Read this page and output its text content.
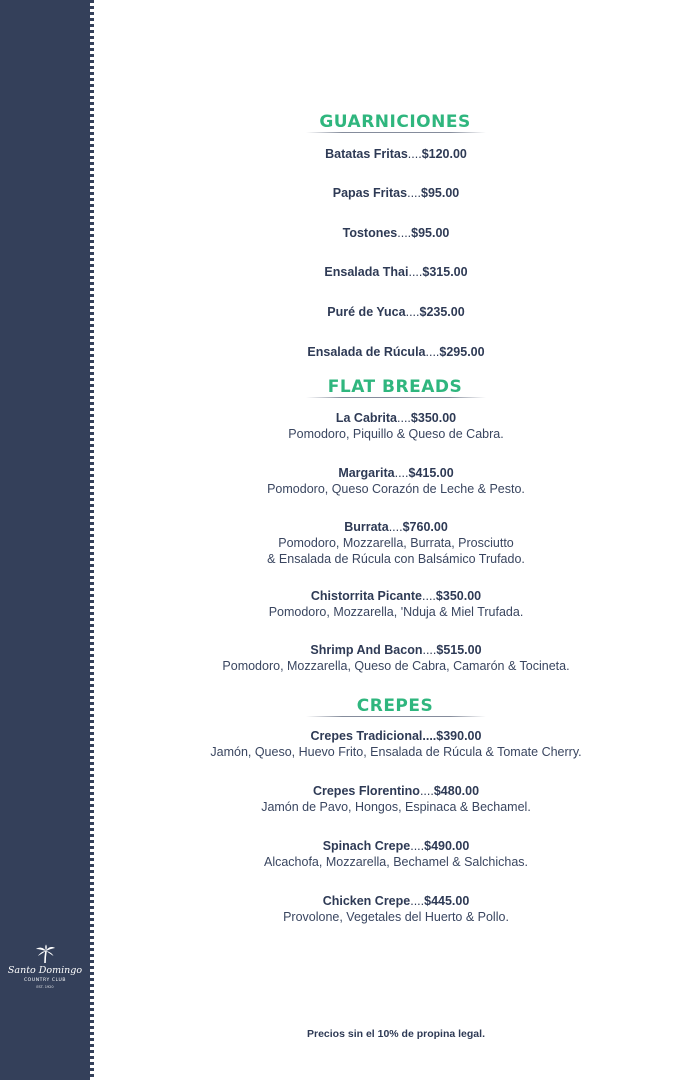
Santo Domingo
COUNTRY CLUB
EST. 1920
GUARNICIONES
Batatas Fritas....$120.00
Papas Fritas....$95.00
Tostones....$95.00
Ensalada Thai....$315.00
Puré de Yuca....$235.00
Ensalada de Rúcula....$295.00
FLAT BREADS
La Cabrita....$350.00
Pomodoro, Piquillo & Queso de Cabra.
Margarita....$415.00
Pomodoro, Queso Corazón de Leche & Pesto.
Burrata....$760.00
Pomodoro, Mozzarella, Burrata, Prosciutto
& Ensalada de Rúcula con Balsámico Trufado.
Chistorrita Picante....$350.00
Pomodoro, Mozzarella, 'Nduja & Miel Trufada.
Shrimp And Bacon....$515.00
Pomodoro, Mozzarella, Queso de Cabra, Camarón & Tocineta.
CREPES
Crepes Tradicional....$390.00
Jamón, Queso, Huevo Frito, Ensalada de Rúcula & Tomate Cherry.
Crepes Florentino....$480.00
Jamón de Pavo, Hongos, Espinaca & Bechamel.
Spinach Crepe....$490.00
Alcachofa, Mozzarella, Bechamel & Salchichas.
Chicken Crepe....$445.00
Provolone, Vegetales del Huerto & Pollo.
Precios sin el 10% de propina legal.
